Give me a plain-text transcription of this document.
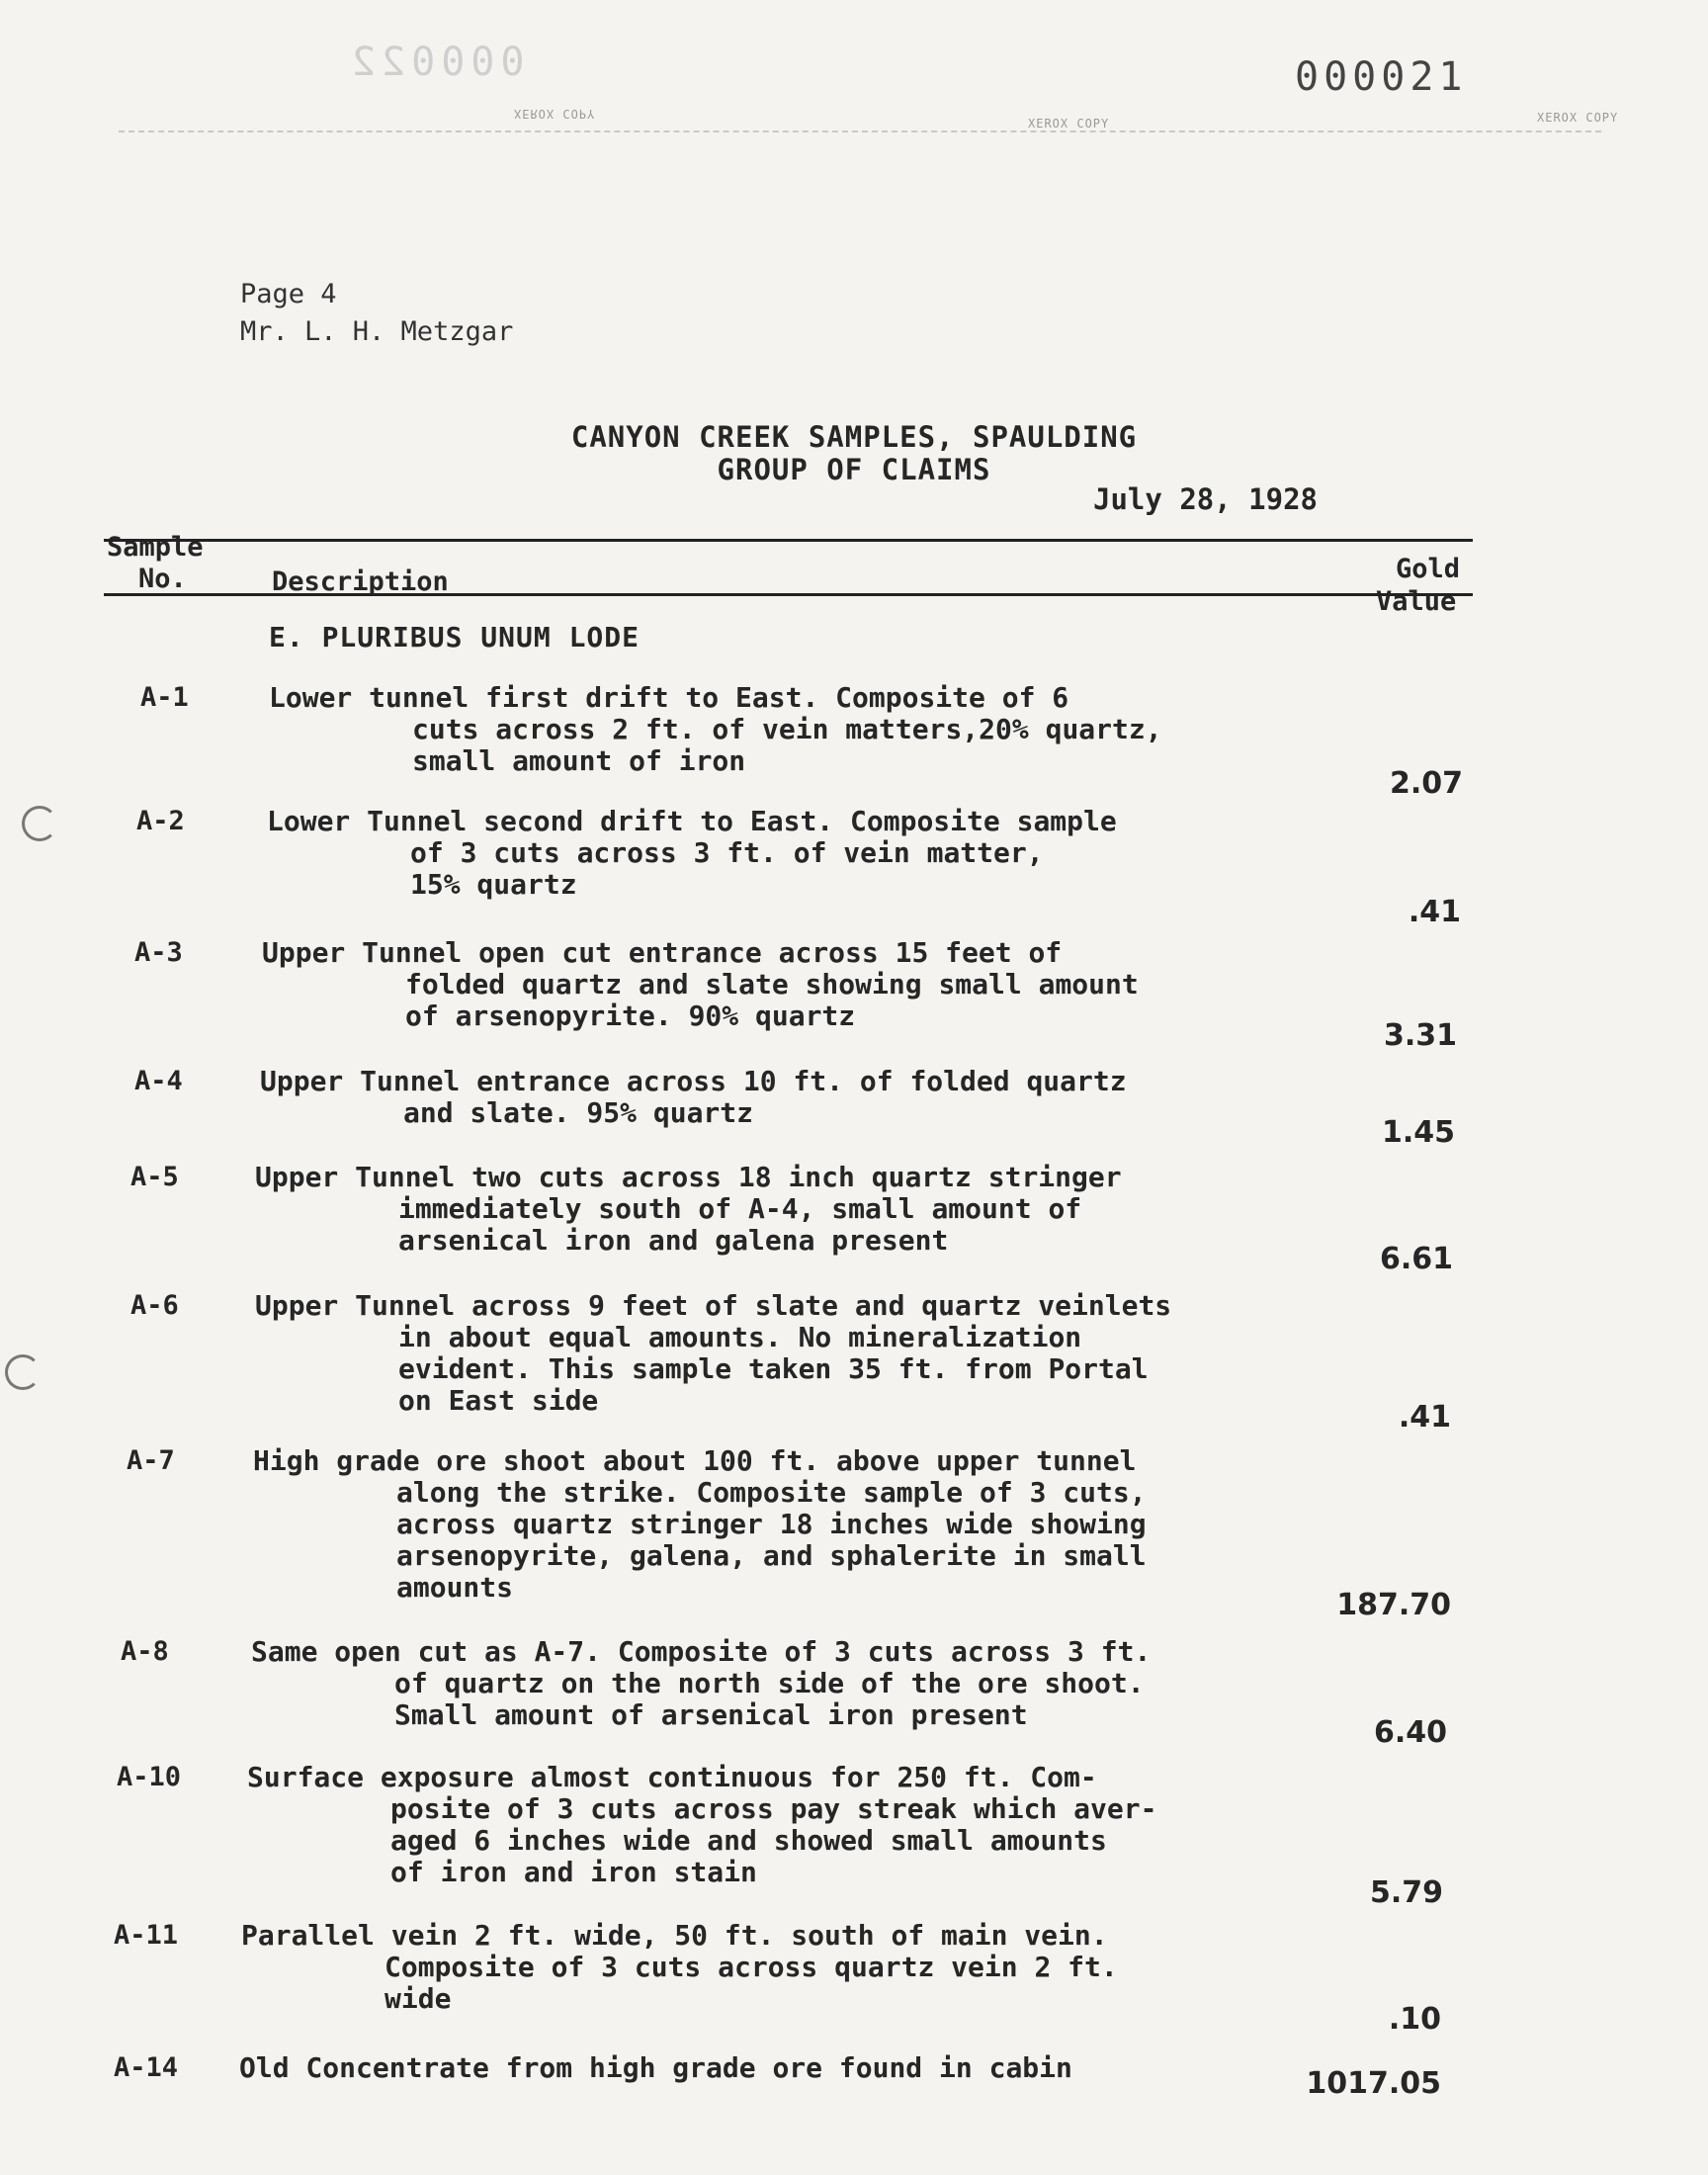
000022	000021
XEROX COPY
XEROX COPY	XEROX COPY
Page 4
Mr. L. H. Metzgar
CANYON CREEK SAMPLES, SPAULDING
GROUP OF CLAIMS
July 28, 1928
Sample
No.	Description	Gold
Value
E. PLURIBUS UNUM LODE
A-1	Lower tunnel first drift to East. Composite of 6
cuts across 2 ft. of vein matters,20% quartz,
small amount of iron
2.07
A-2	Lower Tunnel second drift to East. Composite sample
of 3 cuts across 3 ft. of vein matter,
15% quartz
.41
A-3	Upper Tunnel open cut entrance across 15 feet of
folded quartz and slate showing small amount
of arsenopyrite. 90% quartz
3.31
A-4	Upper Tunnel entrance across 10 ft. of folded quartz
and slate. 95% quartz
1.45
A-5	Upper Tunnel two cuts across 18 inch quartz stringer
immediately south of A-4, small amount of
arsenical iron and galena present
6.61
A-6	Upper Tunnel across 9 feet of slate and quartz veinlets
in about equal amounts. No mineralization
evident. This sample taken 35 ft. from Portal
on East side	.41
A-7	High grade ore shoot about 100 ft. above upper tunnel
along the strike. Composite sample of 3 cuts,
across quartz stringer 18 inches wide showing
arsenopyrite, galena, and sphalerite in small
amounts
187.70
A-8	Same open cut as A-7. Composite of 3 cuts across 3 ft.
of quartz on the north side of the ore shoot.
Small amount of arsenical iron present
6.40
A-10 Surface exposure almost continuous for 250 ft. Com-
posite of 3 cuts across pay streak which aver-
aged 6 inches wide and showed small amounts
of iron and iron stain
5.79
A-11 Parallel vein 2 ft. wide, 50 ft. south of main vein.
Composite of 3 cuts across quartz vein 2 ft.
wide
.10
A-14 Old Concentrate from high grade ore found in cabin	1017.05
